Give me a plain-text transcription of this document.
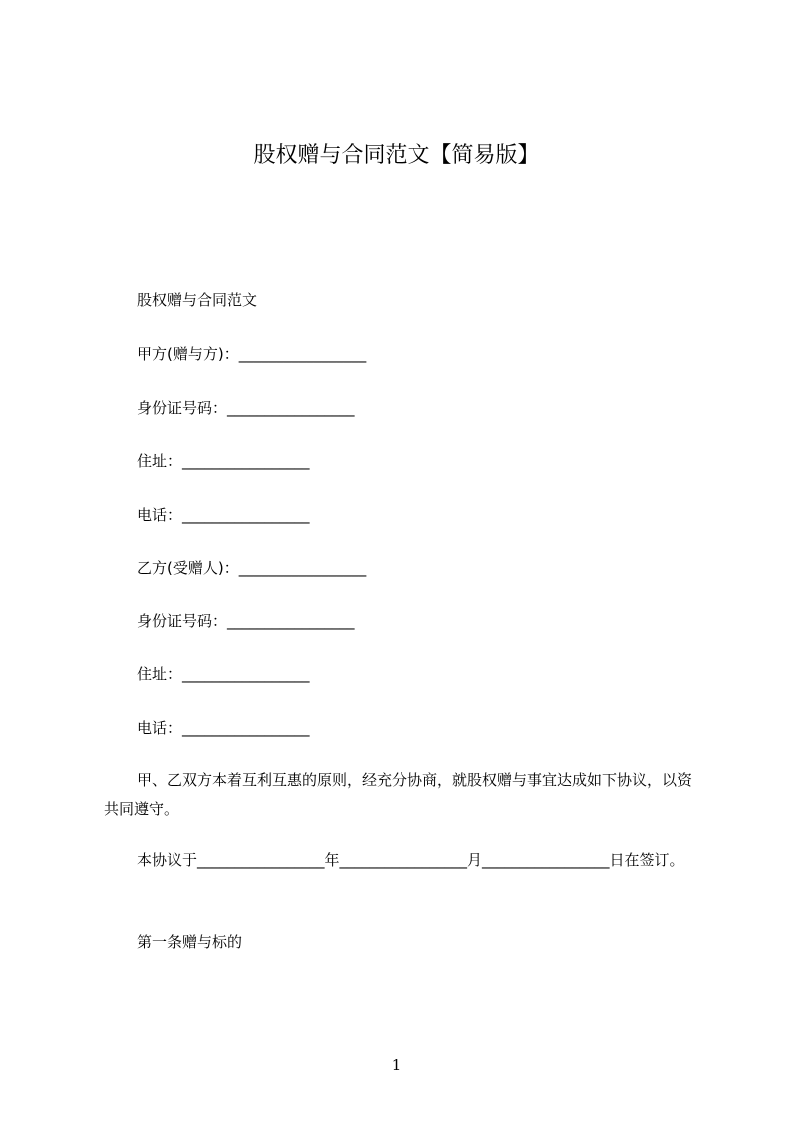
股权赠与合同范文【简易版】
股权赠与合同范文
甲方(赠与方)：_________________
身份证号码：_________________
住址：_________________
电话：_________________
乙方(受赠人)：_________________
身份证号码：_________________
住址：_________________
电话：_________________
甲、乙双方本着互利互惠的原则，经充分协商，就股权赠与事宜达成如下协议，以资共同遵守。
本协议于_________________年_________________月_________________日在签订。
第一条赠与标的
1
